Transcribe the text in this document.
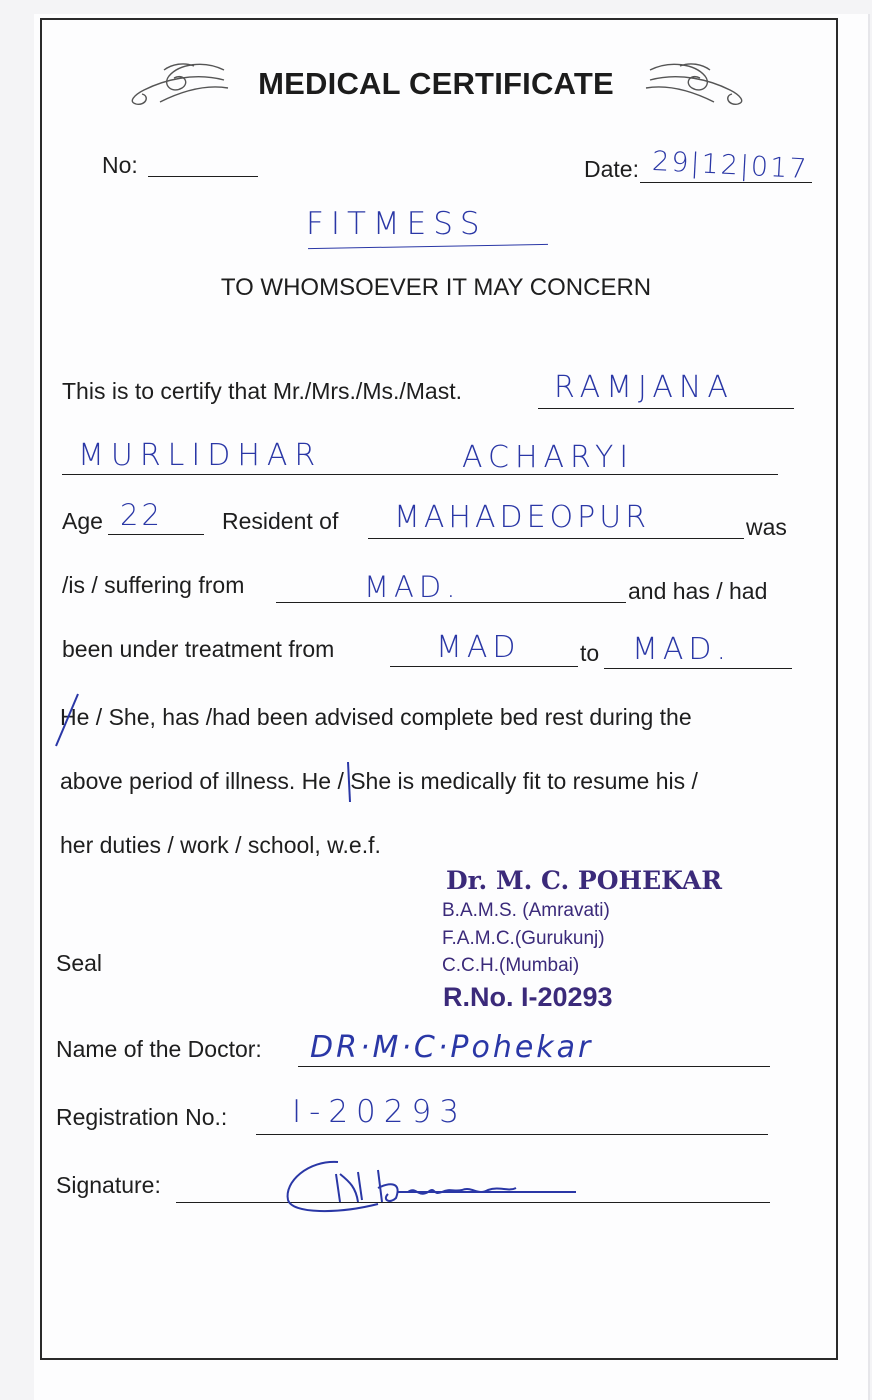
MEDICAL CERTIFICATE
No:	Date: 29|12|017
FITMESS
TO WHOMSOEVER IT MAY CONCERN
This is to certify that Mr./Mrs./Ms./Mast.	RAMJANA
MURLIDHAR	ACHARYI
Age 22	Resident of MAHADEOPUR	was
/is / suffering from	MAD.	and has / had
been under treatment from	MAD	to MAD.
He / She, has /had been advised complete bed rest during the
above period of illness. He / She is medically fit to resume his /
her duties / work / school, w.e.f.
Dr. M. C. POHEKAR
B.A.M.S. (Amravati)
F.A.M.C.(Gurukunj)
C.C.H.(Mumbai)
R.No. I-20293
Seal
Name of the Doctor: DR·M·C·Pohekar
Registration No.: I-20293
Signature:
